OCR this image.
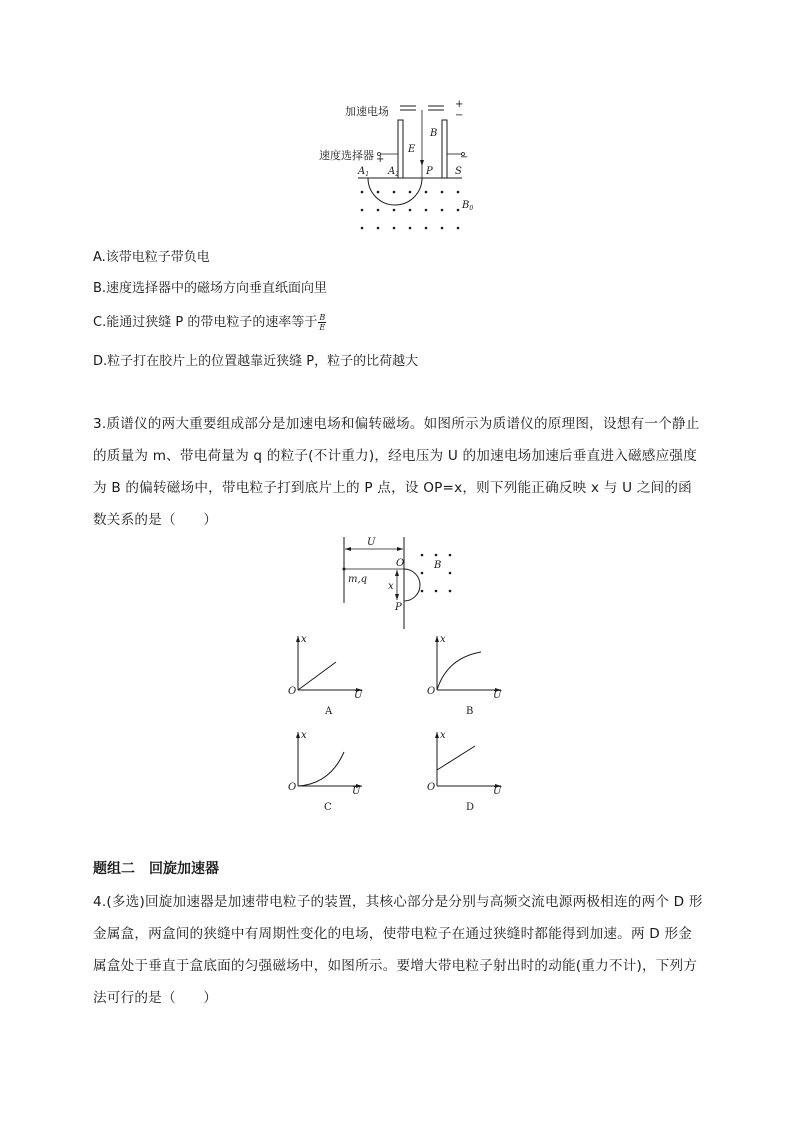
+
−
E
B
+	−
$A_1$ $A_2$	P S
$B_0$
加速电场
速度选择器
A.该带电粒子带负电
B.速度选择器中的磁场方向垂直纸面向里
C.能通过狭缝 P 的带电粒子的速率等于 $\frac{B}{E}$
D.粒子打在胶片上的位置越靠近狭缝 P，粒子的比荷越大
3.质谱仪的两大重要组成部分是加速电场和偏转磁场。如图所示为质谱仪的原理图，设想有一个静止的质量为 m、带电荷量为 q 的粒子(不计重力)，经电压为 U 的加速电场加速后垂直进入磁感应强度为 B 的偏转磁场中，带电粒子打到底片上的 P 点，设 OP=x，则下列能正确反映 x 与 U 之间的函数关系的是（　　）
U
m,q
O
x
P
B
x
U
O
A
x
U
O
B
x
U
O
C
x
U
O
D
题组二　回旋加速器
4.(多选)回旋加速器是加速带电粒子的装置，其核心部分是分别与高频交流电源两极相连的两个 D 形金属盒，两盒间的狭缝中有周期性变化的电场，使带电粒子在通过狭缝时都能得到加速。两 D 形金属盒处于垂直于盒底面的匀强磁场中，如图所示。要增大带电粒子射出时的动能(重力不计)，下列方法可行的是（　　）
